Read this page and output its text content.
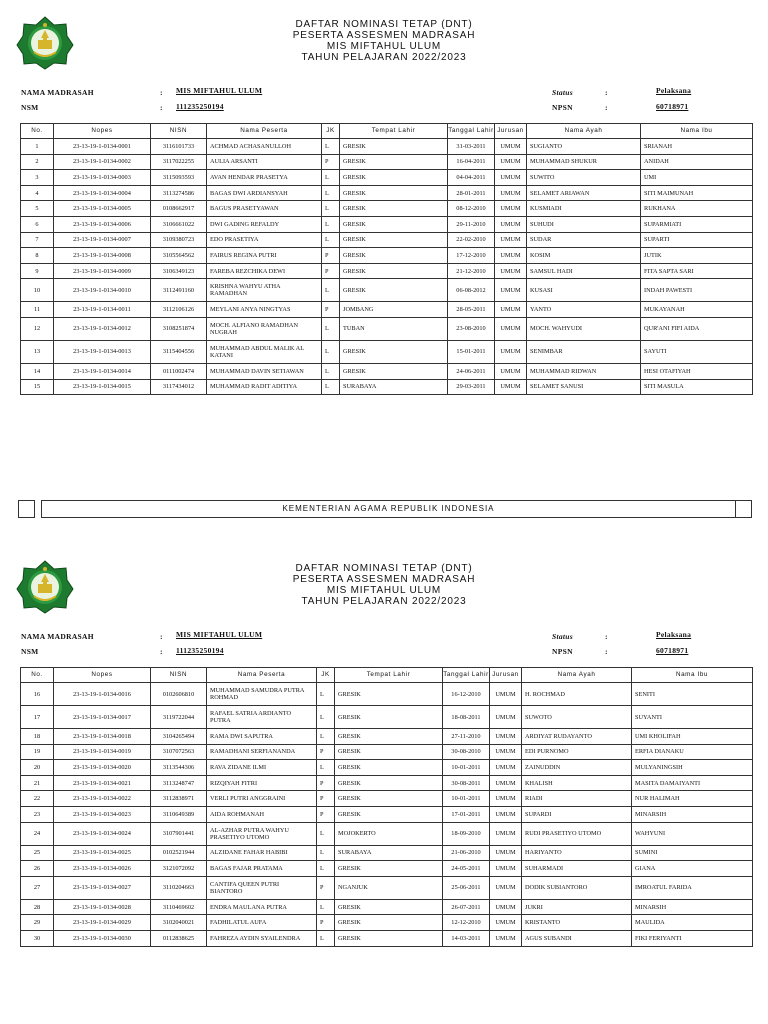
DAFTAR NOMINASI TETAP (DNT)
PESERTA ASSESMEN MADRASAH
MIS MIFTAHUL ULUM
TAHUN PELAJARAN 2022/2023
NAMA MADRASAH	: MIS MIFTAHUL ULUM
NSM	: 111235250194
Status	:	Pelaksana
NPSN	:	60718971
No.	Nopes	NISN	Nama Peserta	JK	Tempat Lahir	Tanggal Lahir	Jurusan	Nama Ayah	Nama Ibu
1	23-13-19-1-0134-0001	3116101733	ACHMAD ACHASANULLOH	L	GRESIK	31-03-2011	UMUM	SUGIANTO	SRIANAH
2	23-13-19-1-0134-0002	3117022255	AULIA ARSANTI	P	GRESIK	16-04-2011	UMUM	MUHAMMAD SHUKUR	ANIDAH
3	23-13-19-1-0134-0003	3115093593	AVAN HENDAR PRASETYA	L	GRESIK	04-04-2011	UMUM	SUWITO	UMI
4	23-13-19-1-0134-0004	3113274586	BAGAS DWI ARDIANSYAH	L	GRESIK	28-01-2011	UMUM	SELAMET ARIAWAN	SITI MAIMUNAH
5	23-13-19-1-0134-0005	0108662917	BAGUS PRASETYAWAN	L	GRESIK	08-12-2010	UMUM	KUSMIADI	RUKHANA
6	23-13-19-1-0134-0006	3106661022	DWI GADING REFALDY	L	GRESIK	29-11-2010	UMUM	SUHUDI	SUPARMIATI
7	23-13-19-1-0134-0007	3109380723	EDO PRASETIYA	L	GRESIK	22-02-2010	UMUM	SUDAR	SUPARTI
8	23-13-19-1-0134-0008	3105564562	FAIRUS REGINA PUTRI	P	GRESIK	17-12-2010	UMUM	KOSIM	JUTIK
9	23-13-19-1-0134-0009	3106349123	FAREBA REZCHIKA DEWI	P	GRESIK	21-12-2010	UMUM	SAMSUL HADI	FITA SAPTA SARI
10	23-13-19-1-0134-0010	3112491160	KRISHNA WAHYU ATHA RAMADHAN	L	GRESIK	06-08-2012	UMUM	KUSASI	INDAH PAWESTI
11	23-13-19-1-0134-0011	3112106126	MEYLANI ANYA NINGTYAS	P	JOMBANG	28-05-2011	UMUM	YANTO	MUKAYANAH
12	23-13-19-1-0134-0012	3108251874	MOCH. ALFIANO RAMADHAN NUGRAH	L	TUBAN	23-08-2010	UMUM	MOCH. WAHYUDI	QUR'ANI FIFI AIDA
13	23-13-19-1-0134-0013	3115404556	MUHAMMAD ABDUL MALIK AL KATANI	L	GRESIK	15-01-2011	UMUM	SENIMBAR	SAYUTI
14	23-13-19-1-0134-0014	0111002474	MUHAMMAD DAVIN SETIAWAN	L	GRESIK	24-06-2011	UMUM	MUHAMMAD RIDWAN	HESI OTAFIYAH
15	23-13-19-1-0134-0015	3117434012	MUHAMMAD RADIT ADITIYA	L	SURABAYA	29-03-2011	UMUM	SELAMET SANUSI	SITI MASULA
KEMENTERIAN AGAMA REPUBLIK INDONESIA
DAFTAR NOMINASI TETAP (DNT)
PESERTA ASSESMEN MADRASAH
MIS MIFTAHUL ULUM
TAHUN PELAJARAN 2022/2023
NAMA MADRASAH	: MIS MIFTAHUL ULUM
NSM	: 111235250194
Status	:	Pelaksana
NPSN	:	60718971
No.	Nopes	NISN	Nama Peserta	JK	Tempat Lahir	Tanggal Lahir	Jurusan	Nama Ayah	Nama Ibu
16	23-13-19-1-0134-0016	0102606810	MUHAMMAD SAMUDRA PUTRA ROHMAD	L	GRESIK	16-12-2010	UMUM	H. ROCHMAD	SENITI
17	23-13-19-1-0134-0017	3119722044	RAFAEL SATRIA ARDIANTO PUTRA	L	GRESIK	18-08-2011	UMUM	SUWOTO	SUYANTI
18	23-13-19-1-0134-0018	3104265494	RAMA DWI SAPUTRA	L	GRESIK	27-11-2010	UMUM	ARDIYAT RUDAYANTO	UMI KHOLIFAH
19	23-13-19-1-0134-0019	3107072563	RAMADHANI SERFIANANDA	P	GRESIK	30-08-2010	UMUM	EDI PURNOMO	ERFIA DIANAKU
20	23-13-19-1-0134-0020	3113544306	RAVA ZIDANE ILMI	L	GRESIK	10-01-2011	UMUM	ZAINUDDIN	MULYANINGSIH
21	23-13-19-1-0134-0021	3113248747	RIZQIYAH FITRI	P	GRESIK	30-08-2011	UMUM	KHALISH	MASITA DAMAIYANTI
22	23-13-19-1-0134-0022	3112838971	VERLI PUTRI ANGGRAINI	P	GRESIK	10-01-2011	UMUM	RIADI	NUR HALIMAH
23	23-13-19-1-0134-0023	3110649389	AIDA ROHMANAH	P	GRESIK	17-01-2011	UMUM	SUPARDI	MINARSIH
24	23-13-19-1-0134-0024	3107901441	AL-AZHAR PUTRA WAHYU PRASETIYO UTOMO	L	MOJOKERTO	18-09-2010	UMUM	RUDI PRASETIYO UTOMO	WAHYUNI
25	23-13-19-1-0134-0025	0102521944	ALZIDANE FAHAR HABIBI	L	SURABAYA	21-06-2010	UMUM	HARIYANTO	SUMINI
26	23-13-19-1-0134-0026	3121072092	BAGAS FAJAR PRATAMA	L	GRESIK	24-05-2011	UMUM	SUHARMADI	GIANA
27	23-13-19-1-0134-0027	3110204663	CANTIFA QUEEN PUTRI BIANTORO	P	NGANJUK	25-06-2011	UMUM	DODIK SUBIANTORO	IMROATUL FARIDA
28	23-13-19-1-0134-0028	3110469602	ENDRA MAULANA PUTRA	L	GRESIK	26-07-2011	UMUM	JUKRI	MINARSIH
29	23-13-19-1-0134-0029	3102040021	FADHILATUL AUFA	P	GRESIK	12-12-2010	UMUM	KRISTANTO	MAULIDA
30	23-13-19-1-0134-0030	0112838625	FAHREZA AYDIN SYAILENDRA	L	GRESIK	14-03-2011	UMUM	AGUS SUBANDI	FIKI FERIYANTI
